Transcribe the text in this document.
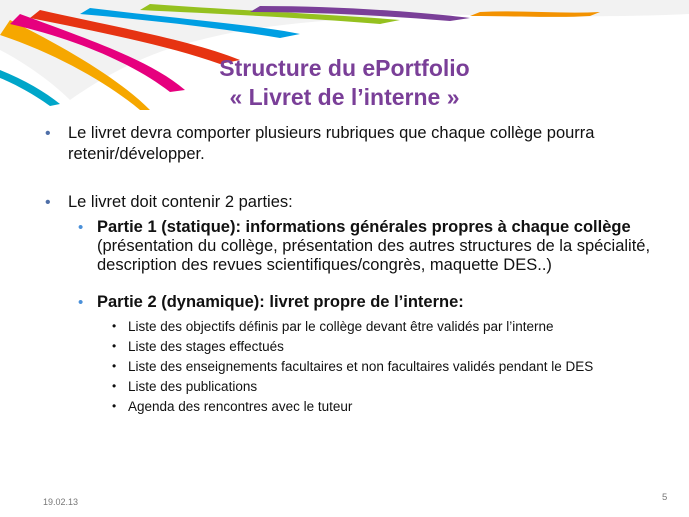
Structure du ePortfolio
« Livret de l’interne »
• Le livret devra comporter plusieurs rubriques que chaque collège pourra retenir/développer.
• Le livret doit contenir 2 parties:
• Partie 1 (statique): informations générales propres à chaque collège (présentation du collège, présentation des autres structures de la spécialité, description des revues scientifiques/congrès, maquette DES..)
• Partie 2 (dynamique): livret propre de l’interne:
• Liste des objectifs définis par le collège devant être validés par l’interne
• Liste des stages effectués
• Liste des enseignements facultaires et non facultaires validés pendant le DES
• Liste des publications
• Agenda des rencontres avec le tuteur
19.02.13	5
